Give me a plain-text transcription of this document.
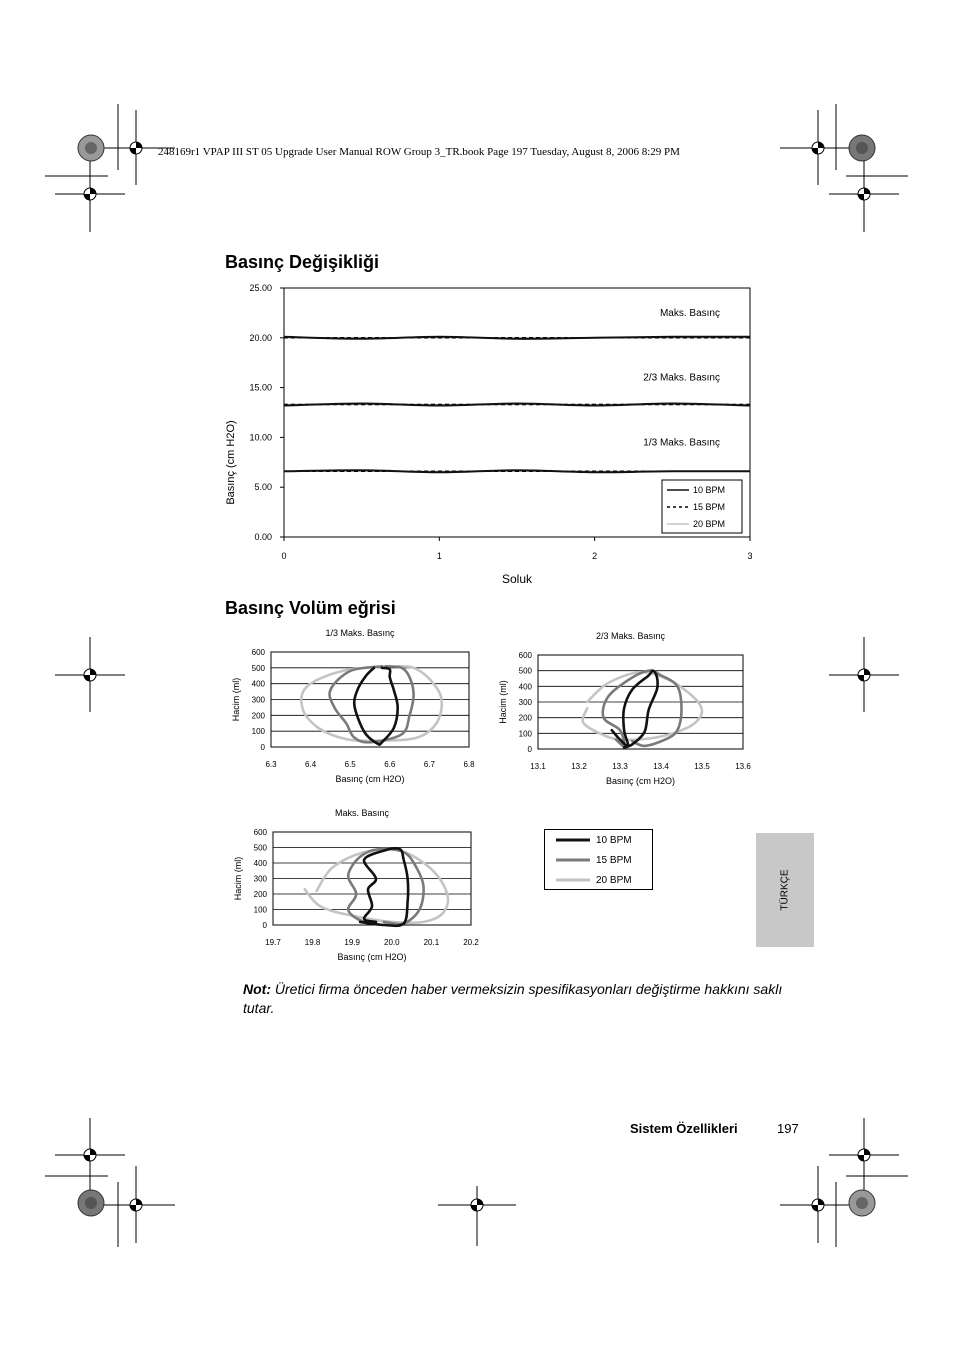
248169r1 VPAP III ST 05 Upgrade User Manual ROW Group 3_TR.book Page 197 Tuesday, August 8, 2006 8:29 PM
Basınç Değişikliği
0.00
5.00
10.00
15.00
20.00
25.00
0	1	2	3
Soluk
Basınç (cm H2O)
Maks. Basınç
2/3 Maks. Basınç
1/3 Maks. Basınç
10 BPM
15 BPM
20 BPM
Basınç Volüm eğrisi
1/3 Maks. Basınç
0
100
200
300
400
500
600
6.3	6.4	6.5	6.6	6.7	6.8
Basınç (cm H2O)
Hacim (ml)
2/3 Maks. Basınç
0
100
200
300
400
500
600
13.1	13.2	13.3	13.4	13.5	13.6
Basınç (cm H2O)
Hacim (ml)
Maks. Basınç
0
100
200
300
400
500
600
19.7	19.8	19.9	20.0	20.1	20.2
Basınç (cm H2O)
Hacim (ml)
10 BPM
15 BPM
20 BPM	TÜRKÇE
Not: Üretici firma önceden haber vermeksizin spesifikasyonları değiştirme hakkını saklı tutar.
Sistem Özellikleri	197
